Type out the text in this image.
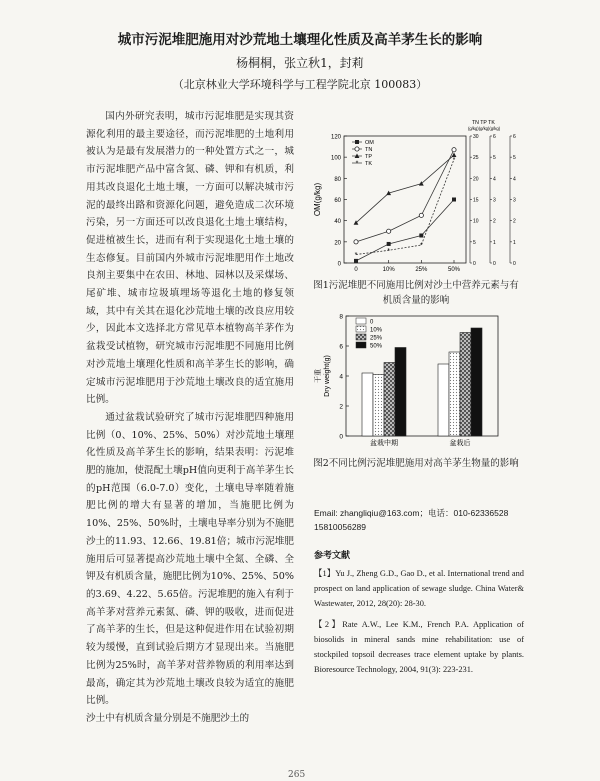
城市污泥堆肥施用对沙荒地土壤理化性质及高羊茅生长的影响
杨桐桐，张立秋1，封莉
（北京林业大学环境科学与工程学院北京 100083）

国内外研究表明，城市污泥堆肥是实现其资源化利用的最主要途径，而污泥堆肥的土地利用被认为是最有发展潜力的一种处置方式之一，城市污泥堆肥产品中富含氮、磷、钾和有机质，利用其改良退化土地土壤，一方面可以解决城市污泥的最终出路和资源化问题，避免造成二次环境污染，另一方面还可以改良退化土地土壤结构，促进植被生长，进而有利于实现退化土地土壤的生态修复。目前国内外城市污泥堆肥用作土地改良剂主要集中在农田、林地、园林以及采煤场、尾矿堆、城市垃圾填埋场等退化土地的修复领域，其中有关其在退化沙荒地土壤的改良应用较少，因此本文选择北方常见草本植物高羊茅作为盆栽受试植物，研究城市污泥堆肥不同施用比例对沙荒地土壤理化性质和高羊茅生长的影响，确定城市污泥堆肥用于沙荒地土壤改良的适宜施用比例。

通过盆栽试验研究了城市污泥堆肥四种施用比例（0、10%、25%、50%）对沙荒地土壤理化性质及高羊茅生长的影响，结果表明：污泥堆肥的施加，使混配土壤pH值向更利于高羊茅生长的pH范围（6.0-7.0）变化，土壤电导率随着施肥比例的增大有显著的增加，当施肥比例为10%、25%、50%时，土壤电导率分别为不施肥沙土的11.93、12.66、19.81倍；城市污泥堆肥施用后可显著提高沙荒地土壤中全氮、全磷、全钾及有机质含量，施肥比例为10%、25%、50%的3.69、4.22、5.65倍。污泥堆肥的施入有利于高羊茅对营养元素氮、磷、钾的吸收，进而促进了高羊茅的生长，但是这种促进作用在试验初期较为缓慢，直到试验后期方才显现出来。当施肥比例为25%时，高羊茅对营养物质的利用率达到最高，确定其为沙荒地土壤改良较为适宜的施肥比例。

沙土中有机质含量分别是不施肥沙土的

0
20
40
60
80
100
120
OM(g/kg)
0	10%	25%	50%
0
5
10
15
20
25
30
0
1
2
3
4
5
6
0
1
2
3
4
5
6
TN TP TK
(g/kg)(g/kg)(g/kg)
*
*
*
*
OM
TN
TP
* TK
图1污泥堆肥不同施用比例对沙土中营养元素与有机质含量的影响
0
2
4
6
8
干重 Dry weight(g)
盆栽中期	盆栽后
0
10%
25%
50%
图2不同比例污泥堆肥施用对高羊茅生物量的影响
Email: zhangliqiu@163.com；电话：010-62336528
15810056289
参考文献

【1】Yu J., Zheng G.D., Gao D., et al. International trend and prospect on land application of sewage sludge. China Water& Wastewater, 2012, 28(20): 28-30.

【2】Rate A.W., Lee K.M., French P.A. Application of biosolids in mineral sands mine rehabilitation: use of stockpiled topsoil decreases trace element uptake by plants. Bioresource Technology, 2004, 91(3): 223-231.

265
